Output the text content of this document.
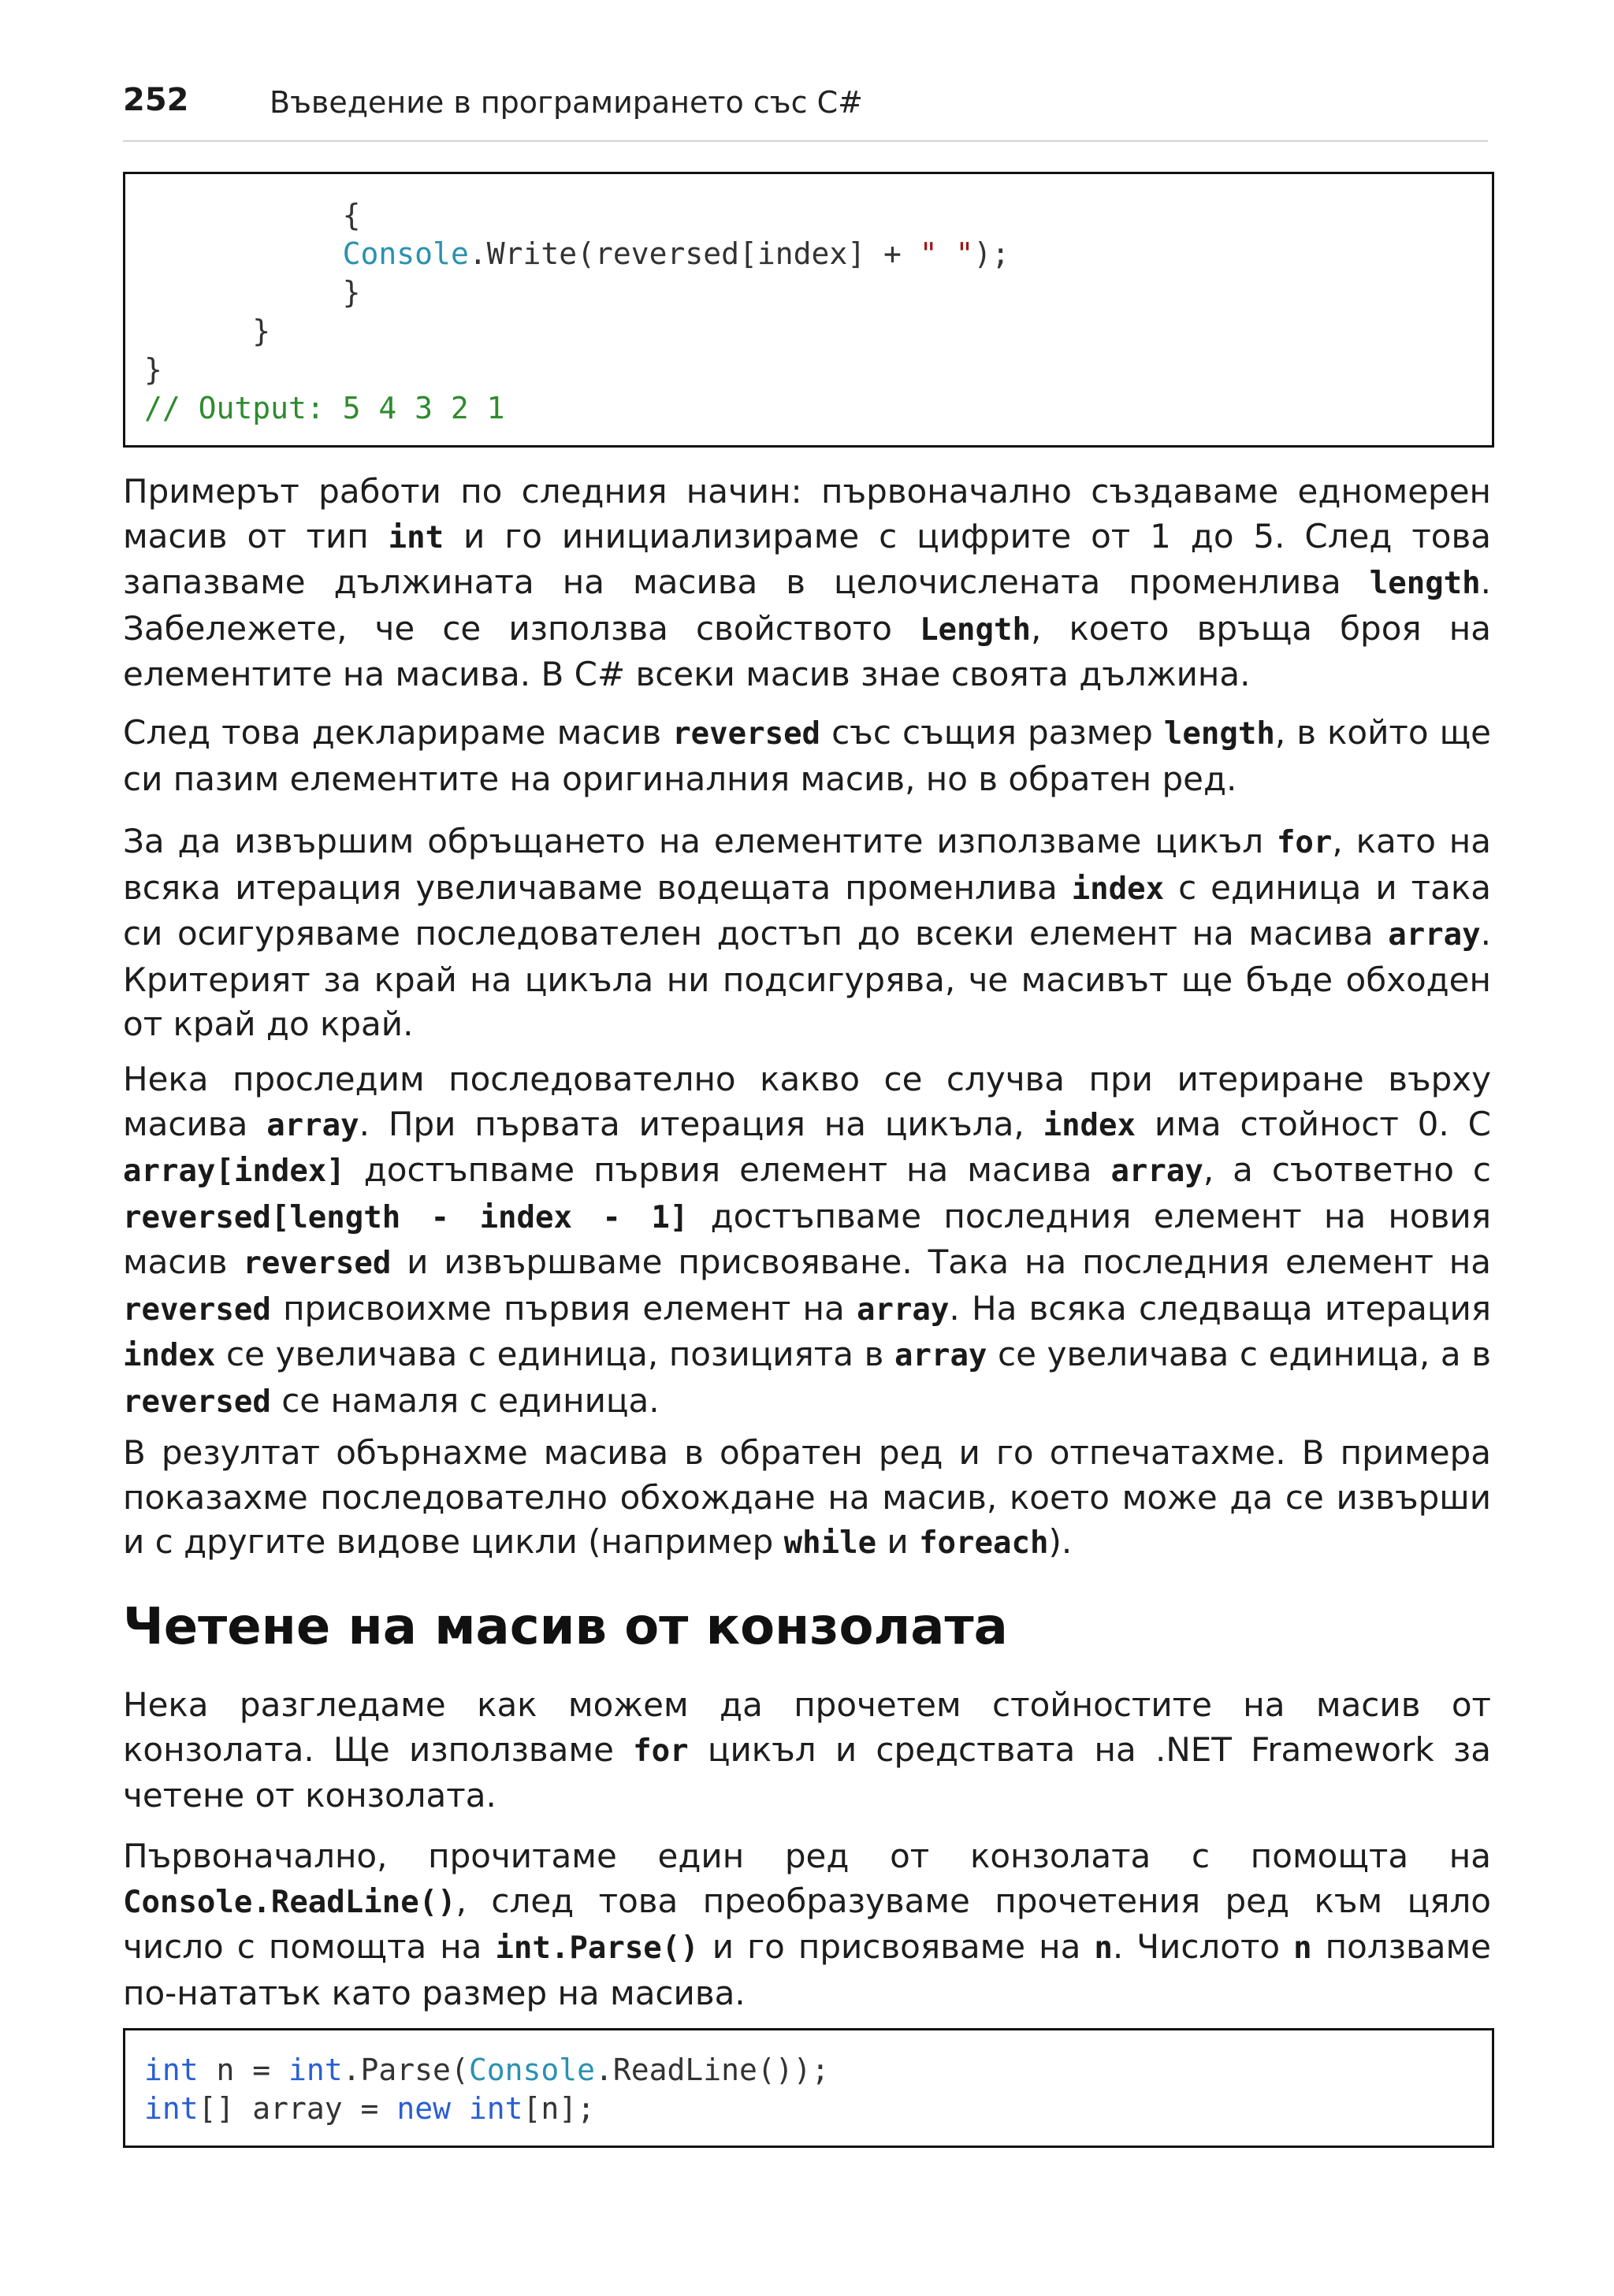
252	Въведение в програмирането със C#
{
Console.Write(reversed[index] + " ");
}
}
}
// Output: 5 4 3 2 1

Примерът работи по следния начин: първоначално създаваме едномерен масив от тип int и го инициализираме с цифрите от 1 до 5. След това запазваме дължината на масива в целочислената променлива length. Забележете, че се използва свойството Length, което връща броя на елементите на масива. В C# всеки масив знае своята дължина.

След това декларираме масив reversed със същия размер length, в който ще си пазим елементите на оригиналния масив, но в обратен ред.

За да извършим обръщането на елементите използваме цикъл for, като на всяка итерация увеличаваме водещата променлива index с единица и така си осигуряваме последователен достъп до всеки елемент на масива array. Критерият за край на цикъла ни подсигурява, че масивът ще бъде обходен от край до край.

Нека проследим последователно какво се случва при итериране върху масива array. При първата итерация на цикъла, index има стойност 0. С array[index] достъпваме първия елемент на масива array, а съответно с reversed[length - index - 1] достъпваме последния елемент на новия масив reversed и извършваме присвояване. Така на последния елемент на reversed присвоихме първия елемент на array. На всяка следваща итерация index се увеличава с единица, позицията в array се увеличава с единица, а в reversed се намаля с единица.

В резултат обърнахме масива в обратен ред и го отпечатахме. В примера показахме последователно обхождане на масив, което може да се извърши и с другите видове цикли (например while и foreach).

Четене на масив от конзолата

Нека разгледаме как можем да прочетем стойностите на масив от конзолата. Ще използваме for цикъл и средствата на .NET Framework за четене от конзолата.

Първоначално, прочитаме един ред от конзолата с помощта на Console.ReadLine(), след това преобразуваме прочетения ред към цяло число с помощта на int.Parse() и го присвояваме на n. Числото n ползваме по-нататък като размер на масива.

int n = int.Parse(Console.ReadLine());
int[] array = new int[n];
